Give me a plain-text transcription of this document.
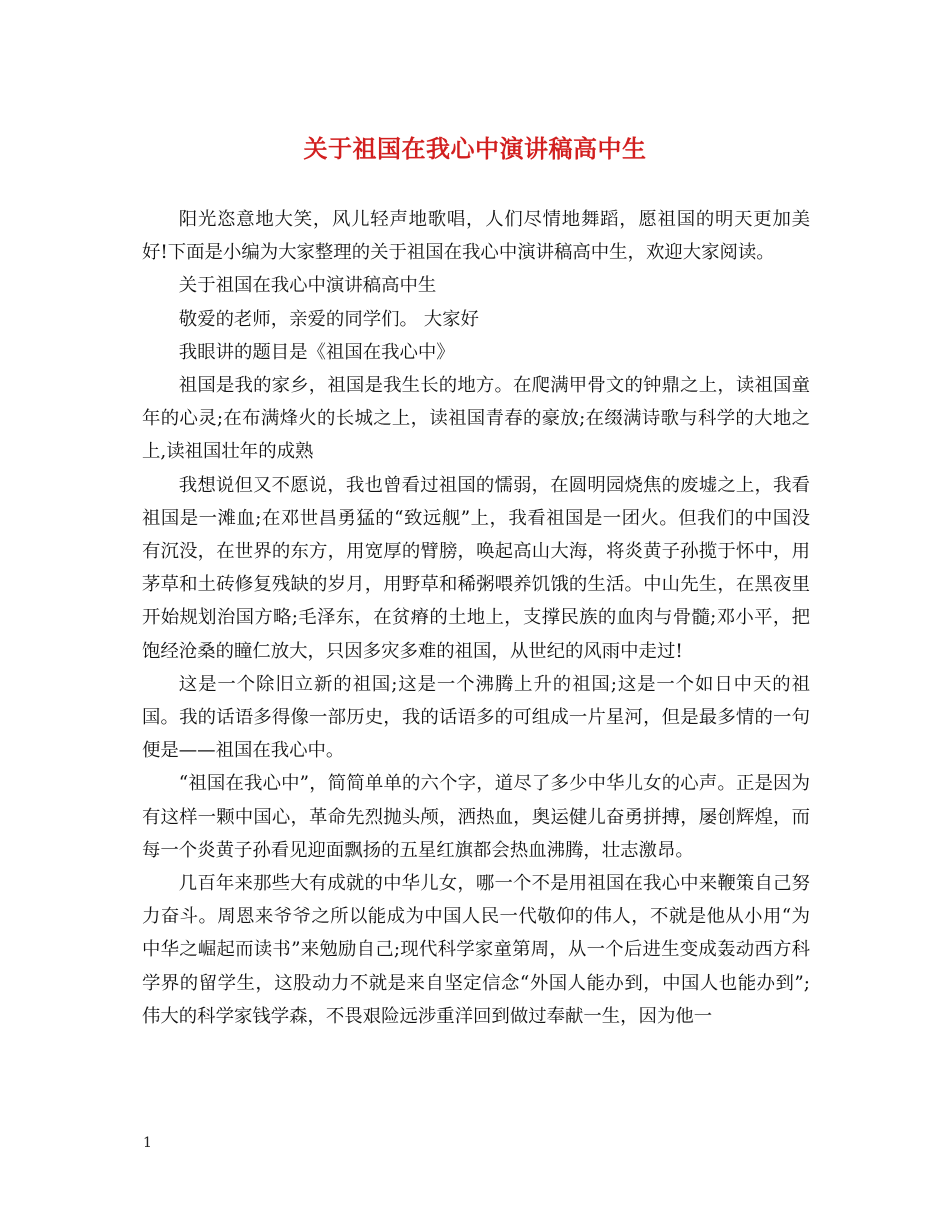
关于祖国在我心中演讲稿高中生

阳光恣意地大笑，风儿轻声地歌唱，人们尽情地舞蹈，愿祖国的明天更加美好!下面是小编为大家整理的关于祖国在我心中演讲稿高中生，欢迎大家阅读。

关于祖国在我心中演讲稿高中生

敬爱的老师，亲爱的同学们。 大家好

我眼讲的题目是《祖国在我心中》

祖国是我的家乡，祖国是我生长的地方。在爬满甲骨文的钟鼎之上，读祖国童年的心灵;在布满烽火的长城之上，读祖国青春的豪放;在缀满诗歌与科学的大地之上,读祖国壮年的成熟

我想说但又不愿说，我也曾看过祖国的懦弱，在圆明园烧焦的废墟之上，我看祖国是一滩血;在邓世昌勇猛的“致远舰”上，我看祖国是一团火。但我们的中国没有沉没，在世界的东方，用宽厚的臂膀，唤起高山大海，将炎黄子孙揽于怀中，用茅草和土砖修复残缺的岁月，用野草和稀粥喂养饥饿的生活。中山先生，在黑夜里开始规划治国方略;毛泽东，在贫瘠的土地上，支撑民族的血肉与骨髓;邓小平，把饱经沧桑的瞳仁放大，只因多灾多难的祖国，从世纪的风雨中走过!

这是一个除旧立新的祖国;这是一个沸腾上升的祖国;这是一个如日中天的祖国。我的话语多得像一部历史，我的话语多的可组成一片星河，但是最多情的一句便是——祖国在我心中。

“祖国在我心中”，简简单单的六个字，道尽了多少中华儿女的心声。正是因为有这样一颗中国心，革命先烈抛头颅，洒热血，奥运健儿奋勇拼搏，屡创辉煌，而每一个炎黄子孙看见迎面飘扬的五星红旗都会热血沸腾，壮志激昂。

几百年来那些大有成就的中华儿女，哪一个不是用祖国在我心中来鞭策自己努力奋斗。周恩来爷爷之所以能成为中国人民一代敬仰的伟人，不就是他从小用“为中华之崛起而读书”来勉励自己;现代科学家童第周，从一个后进生变成轰动西方科学界的留学生，这股动力不就是来自坚定信念“外国人能办到，中国人也能办到”;伟大的科学家钱学森，不畏艰险远涉重洋回到做过奉献一生，因为他一

1
